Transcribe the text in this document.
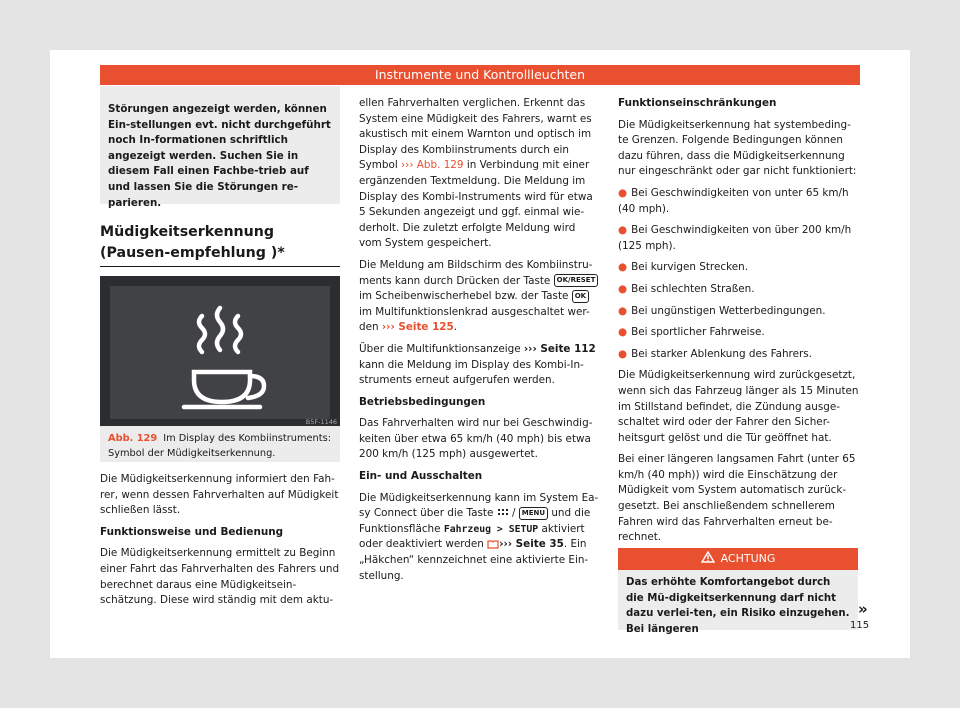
Instrumente und Kontrollleuchten

Störungen angezeigt werden, können Ein-stellungen evt. nicht durchgeführt noch In-formationen schriftlich angezeigt werden. Suchen Sie in diesem Fall einen Fachbe-trieb auf und lassen Sie die Störungen re-parieren.

Müdigkeitserkennung (Pausen-empfehlung )*
B5F-1146
Abb. 129 Im Display des Kombiinstruments: Symbol der Müdigkeitserkennung.

Die Müdigkeitserkennung informiert den Fah-rer, wenn dessen Fahrverhalten auf Müdigkeit schließen lässt.

Funktionsweise und Bedienung

Die Müdigkeitserkennung ermittelt zu Beginn einer Fahrt das Fahrverhalten des Fahrers und berechnet daraus eine Müdigkeitsein-schätzung. Diese wird ständig mit dem aktu-

ellen Fahrverhalten verglichen. Erkennt das System eine Müdigkeit des Fahrers, warnt es akustisch mit einem Warnton und optisch im Display des Kombiinstruments durch ein Symbol ››› Abb. 129 in Verbindung mit einer ergänzenden Textmeldung. Die Meldung im Display des Kombi-Instruments wird für etwa 5 Sekunden angezeigt und ggf. einmal wie-derholt. Die zuletzt erfolgte Meldung wird vom System gespeichert.

Die Meldung am Bildschirm des Kombiinstru-ments kann durch Drücken der Taste OK/RESET im Scheibenwischerhebel bzw. der Taste OK im Multifunktionslenkrad ausgeschaltet wer-den ››› Seite 125.

Über die Multifunktionsanzeige ››› Seite 112 kann die Meldung im Display des Kombi-In-struments erneut aufgerufen werden.

Betriebsbedingungen

Das Fahrverhalten wird nur bei Geschwindig-keiten über etwa 65 km/h (40 mph) bis etwa 200 km/h (125 mph) ausgewertet.

Ein- und Ausschalten

Die Müdigkeitserkennung kann im System Ea-sy Connect über die Taste  / MENU und die Funktionsfläche Fahrzeug > SETUP aktiviert oder deaktiviert werden ››› Seite 35. Ein „Häkchen“ kennzeichnet eine aktivierte Ein-stellung.

Funktionseinschränkungen

Die Müdigkeitserkennung hat systembeding-te Grenzen. Folgende Bedingungen können dazu führen, dass die Müdigkeitserkennung nur eingeschränkt oder gar nicht funktioniert:

● Bei Geschwindigkeiten von unter 65 km/h (40 mph).
● Bei Geschwindigkeiten von über 200 km/h (125 mph).
● Bei kurvigen Strecken.
● Bei schlechten Straßen.
● Bei ungünstigen Wetterbedingungen.
● Bei sportlicher Fahrweise.
● Bei starker Ablenkung des Fahrers.

Die Müdigkeitserkennung wird zurückgesetzt, wenn sich das Fahrzeug länger als 15 Minuten im Stillstand befindet, die Zündung ausge-schaltet wird oder der Fahrer den Sicher-heitsgurt gelöst und die Tür geöffnet hat.

Bei einer längeren langsamen Fahrt (unter 65 km/h (40 mph)) wird die Einschätzung der Müdigkeit vom System automatisch zurück-gesetzt. Bei anschließendem schnellerem Fahren wird das Fahrverhalten erneut be-rechnet.

ACHTUNG
Das erhöhte Komfortangebot durch die Mü-digkeitserkennung darf nicht dazu verlei-ten, ein Risiko einzugehen. Bei längeren
»
115
